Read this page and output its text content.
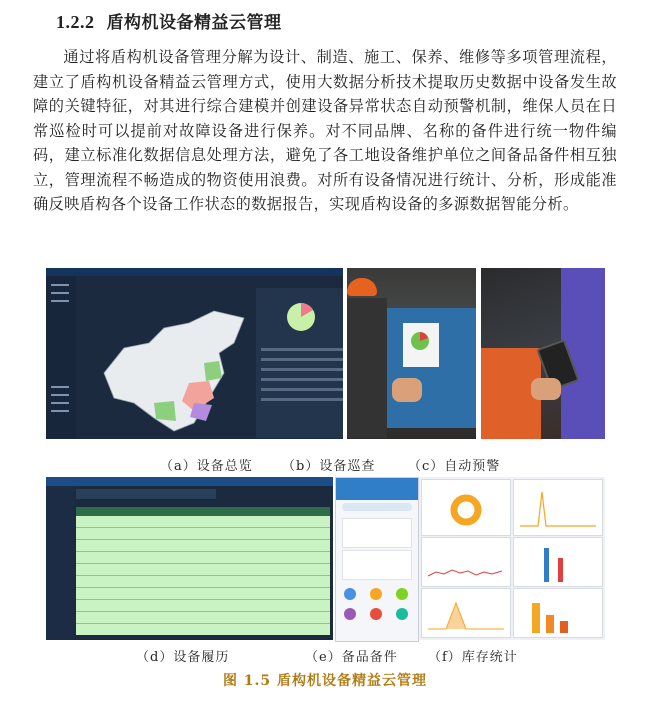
1.2.2 盾构机设备精益云管理
通过将盾构机设备管理分解为设计、制造、施工、保养、维修等多项管理流程，建立了盾构机设备精益云管理方式，使用大数据分析技术提取历史数据中设备发生故障的关键特征，对其进行综合建模并创建设备异常状态自动预警机制，维保人员在日常巡检时可以提前对故障设备进行保养。对不同品牌、名称的备件进行统一物件编码，建立标准化数据信息处理方法，避免了各工地设备维护单位之间备品备件相互独立，管理流程不畅造成的物资使用浪费。对所有设备情况进行统计、分析，形成能准确反映盾构各个设备工作状态的数据报告，实现盾构设备的多源数据智能分析。
（a）设备总览 （b）设备巡查	（c）自动预警
（d）设备履历	（e）备品备件 （f）库存统计
图 1.5 盾构机设备精益云管理
